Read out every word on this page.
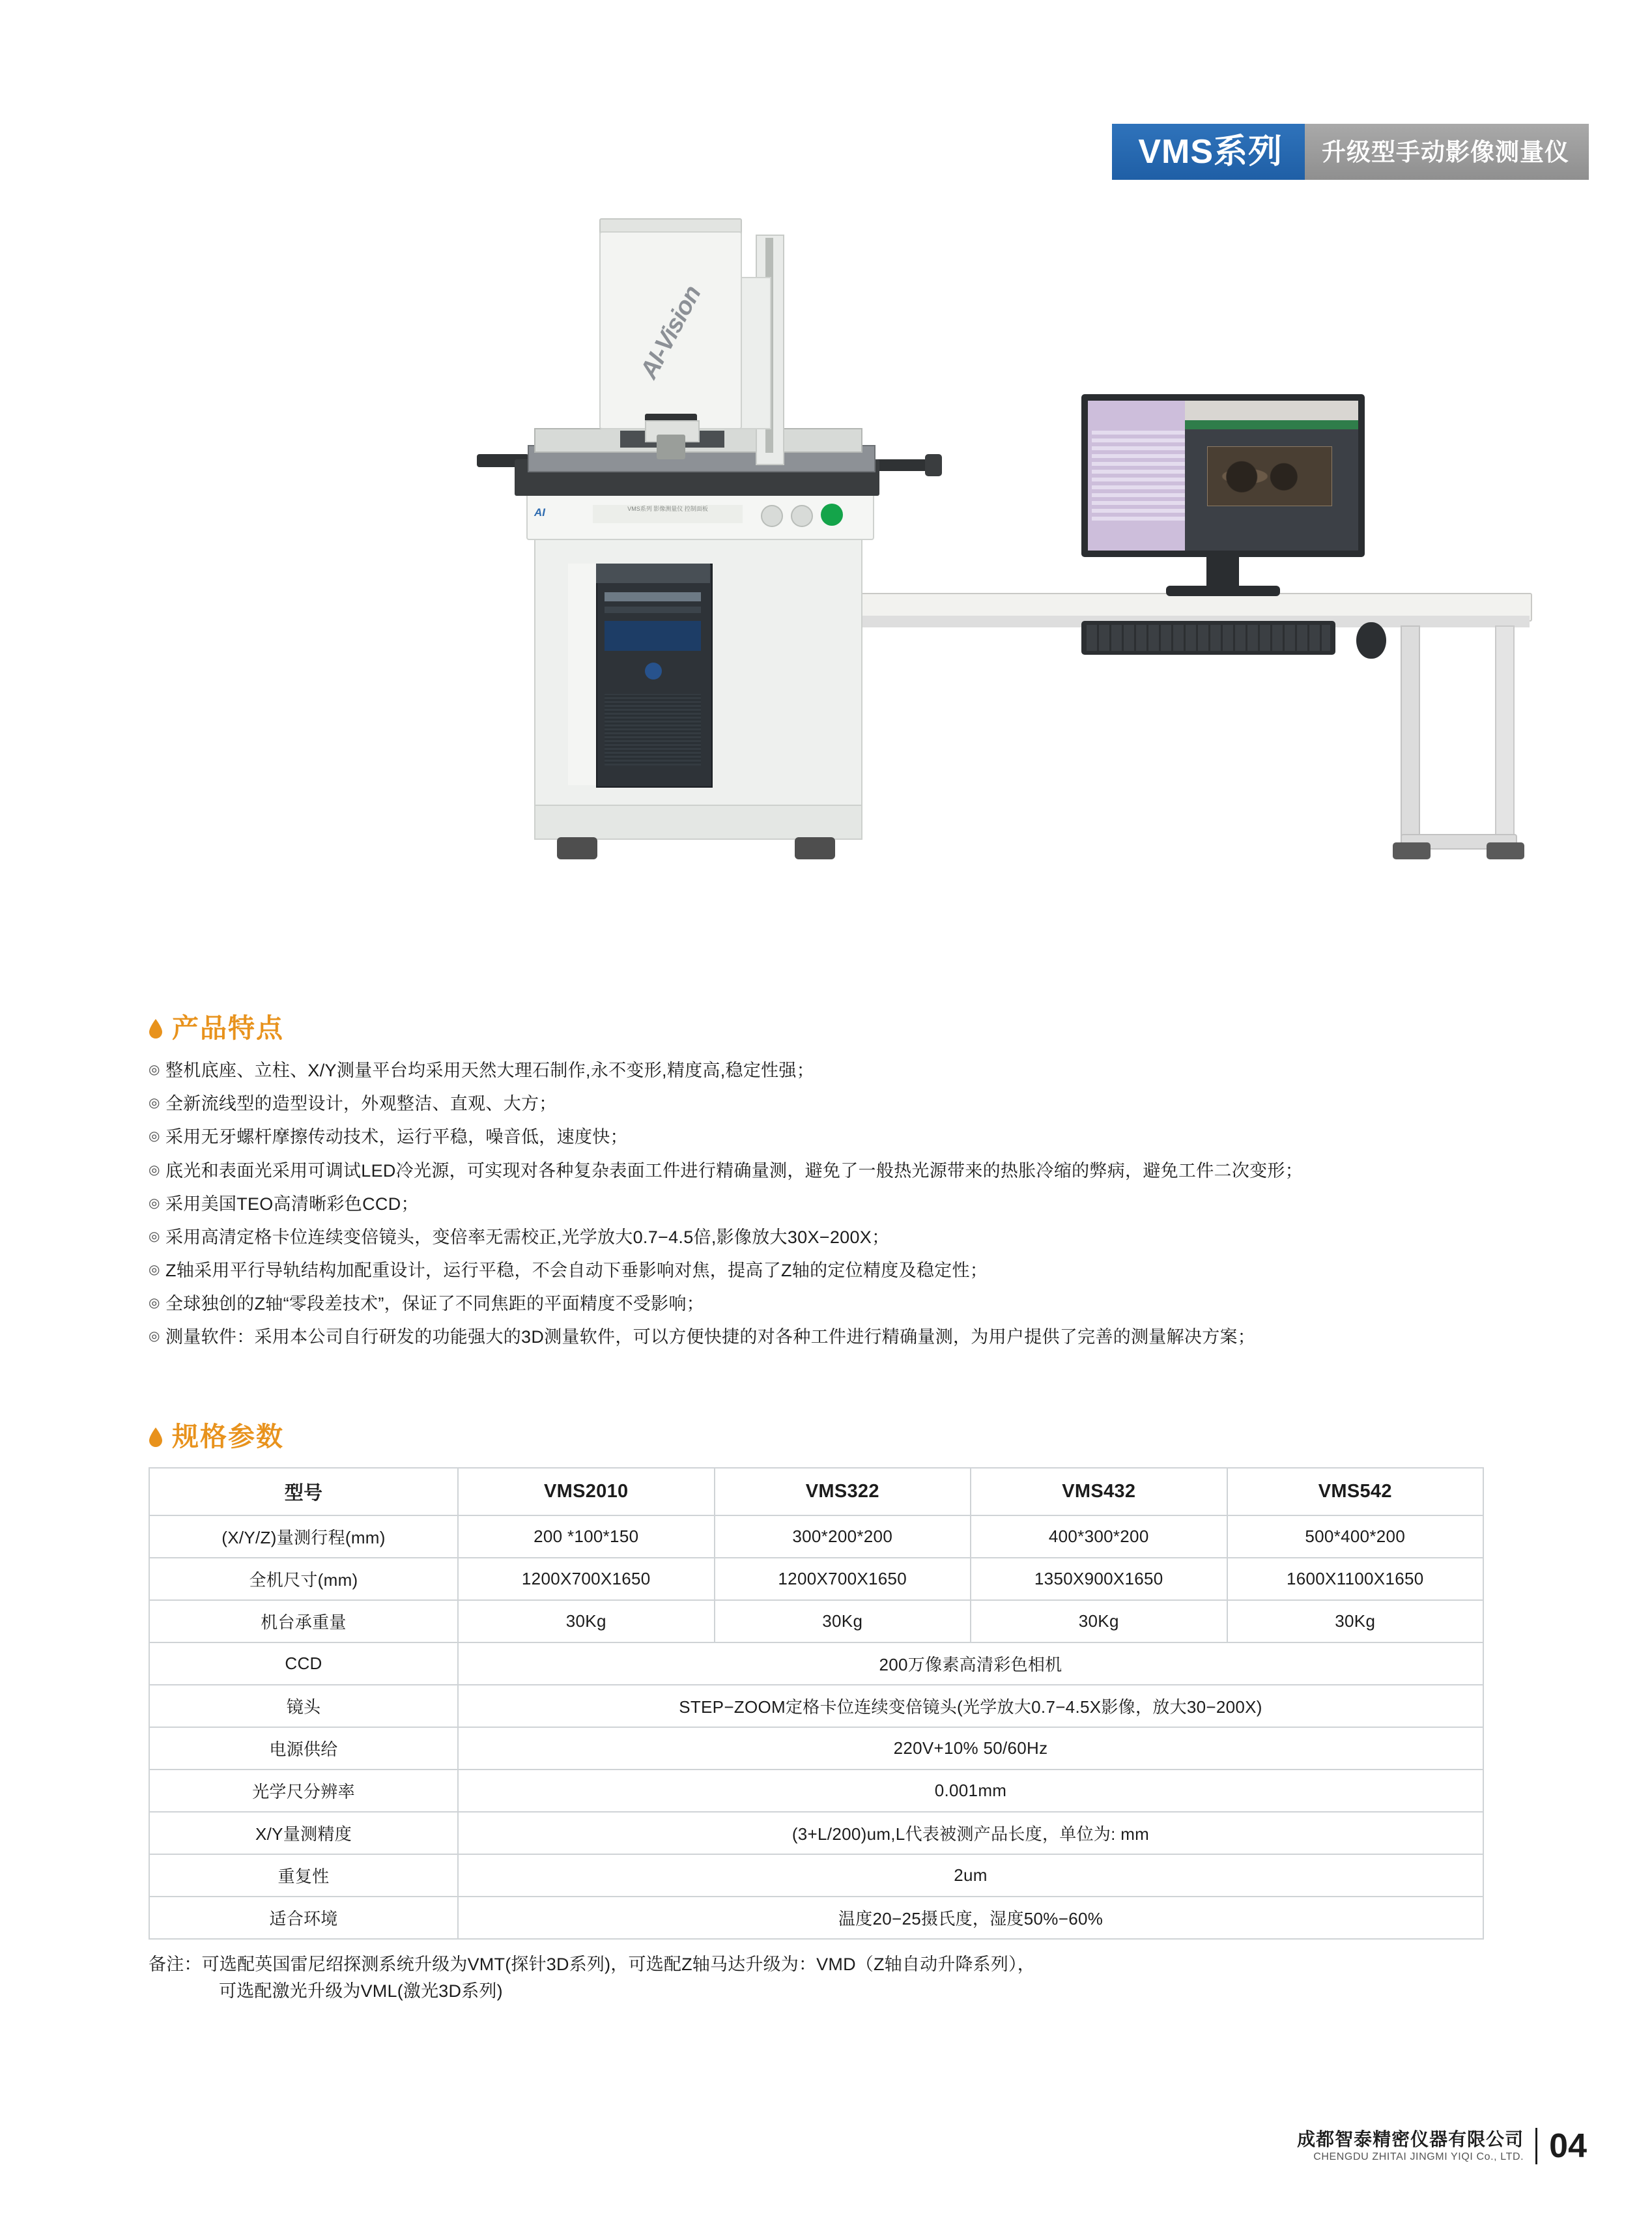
VMS系列 升级型手动影像测量仪
AI	VMS系列 影像测量仪 控制面板
AI-Vision
产品特点
◎ 整机底座、立柱、X/Y测量平台均采用天然大理石制作,永不变形,精度高,稳定性强；
◎ 全新流线型的造型设计，外观整洁、直观、大方；
◎ 采用无牙螺杆摩擦传动技术，运行平稳，噪音低，速度快；
◎ 底光和表面光采用可调试LED冷光源，可实现对各种复杂表面工件进行精确量测，避免了一般热光源带来的热胀冷缩的弊病，避免工件二次变形；
◎ 采用美国TEO高清晰彩色CCD；
◎ 采用高清定格卡位连续变倍镜头，变倍率无需校正,光学放大0.7−4.5倍,影像放大30X−200X；
◎ Z轴采用平行导轨结构加配重设计，运行平稳，不会自动下垂影响对焦，提高了Z轴的定位精度及稳定性；
◎ 全球独创的Z轴“零段差技术”，保证了不同焦距的平面精度不受影响；
◎ 测量软件：采用本公司自行研发的功能强大的3D测量软件，可以方便快捷的对各种工件进行精确量测，为用户提供了完善的测量解决方案；
规格参数
型号	VMS2010	VMS322	VMS432	VMS542
(X/Y/Z)量测行程(mm)	200 *100*150	300*200*200	400*300*200	500*400*200
全机尺寸(mm)	1200X700X1650	1200X700X1650	1350X900X1650	1600X1100X1650
机台承重量	30Kg	30Kg	30Kg	30Kg
CCD	200万像素高清彩色相机			
镜头	STEP−ZOOM定格卡位连续变倍镜头(光学放大0.7−4.5X影像，放大30−200X)			
电源供给	220V+10% 50/60Hz			
光学尺分辨率	0.001mm			
X/Y量测精度	(3+L/200)um,L代表被测产品长度，单位为: mm			
重复性	2um			
适合环境	温度20−25摄氏度，湿度50%−60%			
备注：可选配英国雷尼绍探测系统升级为VMT(探针3D系列)，可选配Z轴马达升级为：VMD（Z轴自动升降系列），
可选配激光升级为VML(激光3D系列)
成都智泰精密仪器有限公司
CHENGDU ZHITAI JINGMI YIQI Co., LTD. 04
